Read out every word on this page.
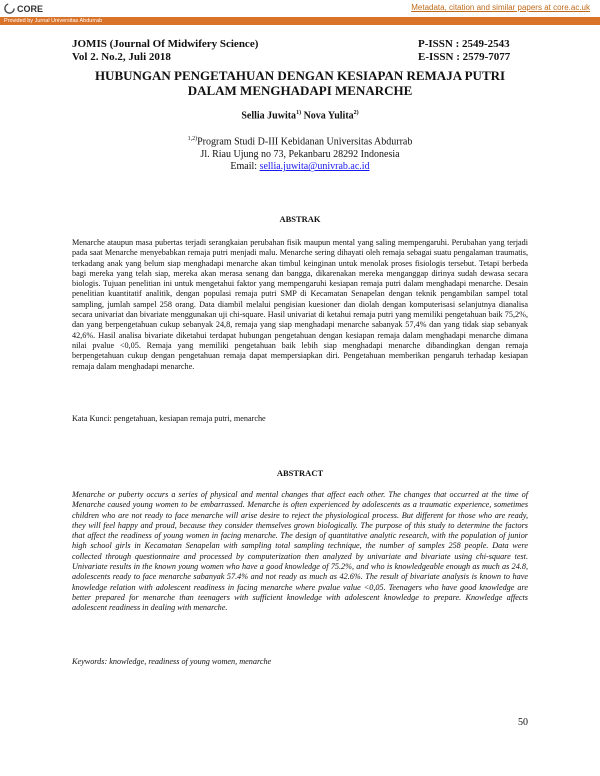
CORE	Metadata, citation and similar papers at core.ac.uk
Provided by Jurnal Universitas Abdurrab
JOMIS (Journal Of Midwifery Science)	P-ISSN : 2549-2543
Vol 2. No.2, Juli 2018	E-ISSN : 2579-7077
HUBUNGAN PENGETAHUAN DENGAN KESIAPAN REMAJA PUTRI
DALAM MENGHADAPI MENARCHE
Sellia Juwita$^{1)}$ Nova Yulita$^{2)}$
$^{1,2)}$Program Studi D-III Kebidanan Universitas Abdurrab
Jl. Riau Ujung no 73, Pekanbaru 28292 Indonesia
Email: sellia.juwita@univrab.ac.id
ABSTRAK
Menarche ataupun masa pubertas terjadi serangkaian perubahan fisik maupun mental yang saling mempengaruhi. Perubahan yang terjadi pada saat Menarche menyebabkan remaja putri menjadi malu. Menarche sering dihayati oleh remaja sebagai suatu pengalaman traumatis, terkadang anak yang belum siap menghadapi menarche akan timbul keinginan untuk menolak proses fisiologis tersebut. Tetapi berbeda bagi mereka yang telah siap, mereka akan merasa senang dan bangga, dikarenakan mereka menganggap dirinya sudah dewasa secara biologis. Tujuan penelitian ini untuk mengetahui faktor yang mempengaruhi kesiapan remaja putri dalam menghadapi menarche. Desain penelitian kuantitatif analitik, dengan populasi remaja putri SMP di Kecamatan Senapelan dengan teknik pengambilan sampel total sampling, jumlah sampel 258 orang. Data diambil melalui pengisian kuesioner dan diolah dengan komputerisasi selanjutnya dianalisa secara univariat dan bivariate menggunakan uji chi-square. Hasil univariat di ketahui remaja putri yang memiliki pengetahuan baik 75,2%, dan yang berpengetahuan cukup sebanyak 24,8, remaja yang siap menghadapi menarche sabanyak 57,4% dan yang tidak siap sebanyak 42,6%. Hasil analisa bivariate diketahui terdapat hubungan pengetahuan dengan kesiapan remaja dalam menghadapi menarche dimana nilai pvalue <0,05. Remaja yang memiliki pengetahuan baik lebih siap menghadapi menarche dibandingkan dengan remaja berpengetahuan cukup dengan pengetahuan remaja dapat mempersiapkan diri. Pengetahuan memberikan pengaruh terhadap kesiapan remaja dalam menghadapi menarche.
Kata Kunci: pengetahuan, kesiapan remaja putri, menarche
ABSTRACT
Menarche or puberty occurs a series of physical and mental changes that affect each other. The changes that occurred at the time of Menarche caused young women to be embarrassed. Menarche is often experienced by adolescents as a traumatic experience, sometimes children who are not ready to face menarche will arise desire to reject the physiological process. But different for those who are ready, they will feel happy and proud, because they consider themselves grown biologically. The purpose of this study to determine the factors that affect the readiness of young women in facing menarche. The design of quantitative analytic research, with the population of junior high school girls in Kecamatan Senapelan with sampling total sampling technique, the number of samples 258 people. Data were collected through questionnaire and processed by computerization then analyzed by univariate and bivariate using chi-square test. Univariate results in the known young women who have a good knowledge of 75.2%, and who is knowledgeable enough as much as 24.8, adolescents ready to face menarche sabanyak 57.4% and not ready as much as 42.6%. The result of bivariate analysis is known to have knowledge relation with adolescent readiness in facing menarche where pvalue value <0,05. Teenagers who have good knowledge are better prepared for menarche than teenagers with sufficient knowledge with adolescent knowledge to prepare. Knowledge affects adolescent readiness in dealing with menarche.
Keywords: knowledge, readiness of young women, menarche
50
